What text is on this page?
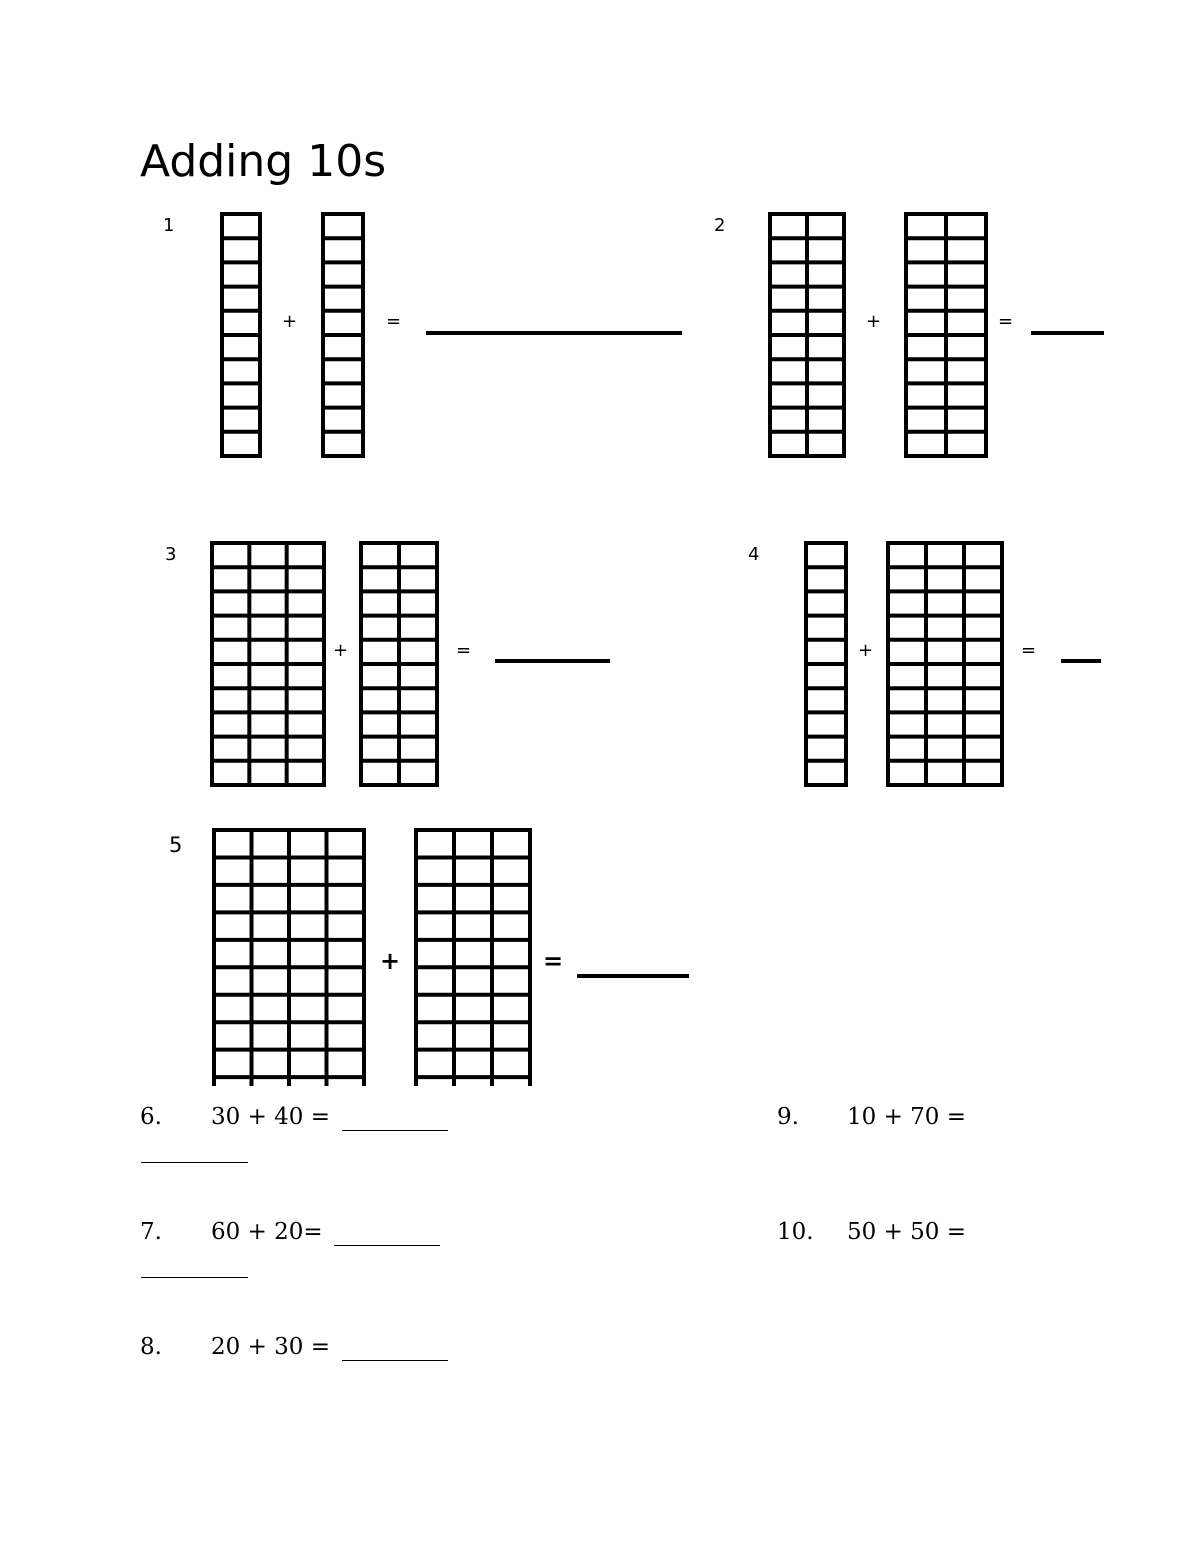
Adding 10s
1
+	=
2
+	=
3
+	=
4
+	=
5
+	=
6. 30 + 40 =	9. 10 + 70 =
7. 60 + 20=	10. 50 + 50 =
8. 20 + 30 =
